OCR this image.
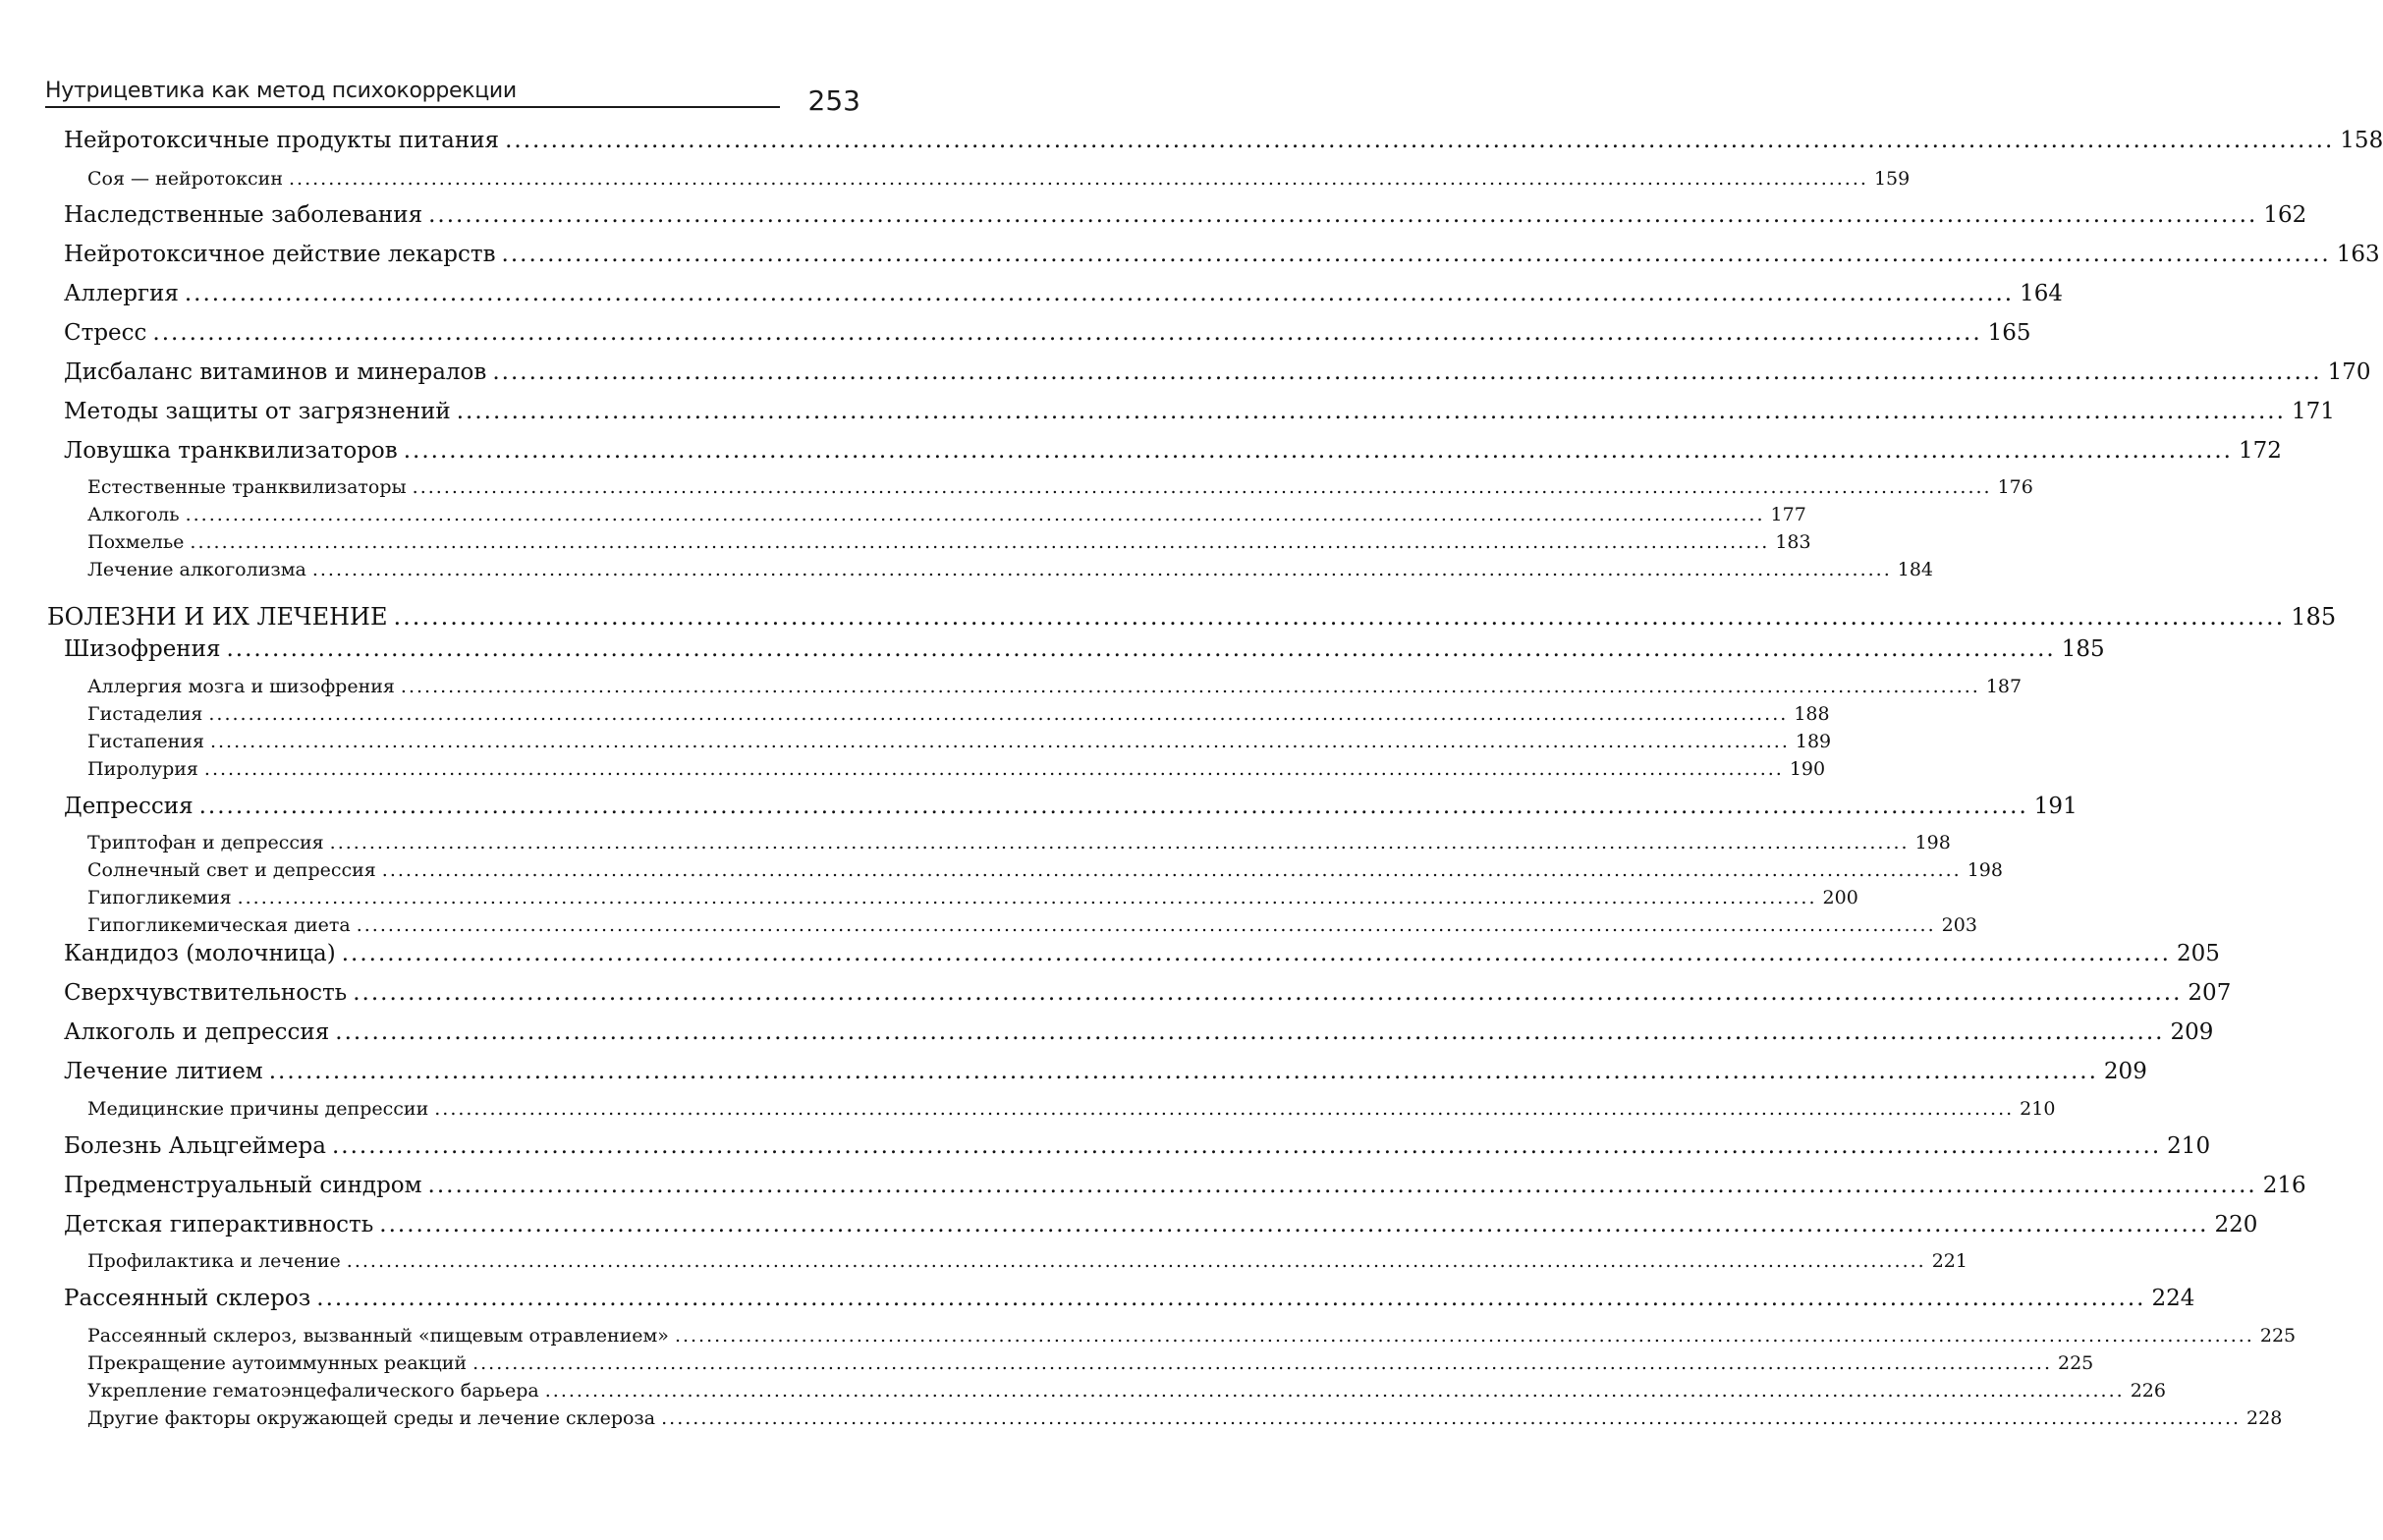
Нутрицевтика как метод психокоррекции	253
Нейротоксичные продукты питания ........................................................................................................................................................................................................ 158
Соя — нейротоксин ........................................................................................................................................................................................................ 159
Наследственные заболевания ........................................................................................................................................................................................................ 162
Нейротоксичное действие лекарств ........................................................................................................................................................................................................ 163
Аллергия ........................................................................................................................................................................................................ 164
Стресс ........................................................................................................................................................................................................ 165
Дисбаланс витаминов и минералов ........................................................................................................................................................................................................ 170
Методы защиты от загрязнений ........................................................................................................................................................................................................ 171
Ловушка транквилизаторов ........................................................................................................................................................................................................ 172
Естественные транквилизаторы ........................................................................................................................................................................................................ 176
Алкоголь ........................................................................................................................................................................................................ 177
Похмелье ........................................................................................................................................................................................................ 183
Лечение алкоголизма ........................................................................................................................................................................................................ 184
БОЛЕЗНИ И ИХ ЛЕЧЕНИЕ ........................................................................................................................................................................................................ 185
Шизофрения ........................................................................................................................................................................................................ 185
Аллергия мозга и шизофрения ........................................................................................................................................................................................................ 187
Гистаделия ........................................................................................................................................................................................................ 188
Гистапения ........................................................................................................................................................................................................ 189
Пиролурия ........................................................................................................................................................................................................ 190
Депрессия ........................................................................................................................................................................................................ 191
Триптофан и депрессия ........................................................................................................................................................................................................ 198
Солнечный свет и депрессия ........................................................................................................................................................................................................ 198
Гипогликемия ........................................................................................................................................................................................................ 200
Гипогликемическая диета ........................................................................................................................................................................................................ 203
Кандидоз (молочница) ........................................................................................................................................................................................................ 205
Сверхчувствительность ........................................................................................................................................................................................................ 207
Алкоголь и депрессия ........................................................................................................................................................................................................ 209
Лечение литием ........................................................................................................................................................................................................ 209
Медицинские причины депрессии ........................................................................................................................................................................................................ 210
Болезнь Альцгеймера ........................................................................................................................................................................................................ 210
Предменструальный синдром ........................................................................................................................................................................................................ 216
Детская гиперактивность ........................................................................................................................................................................................................ 220
Профилактика и лечение ........................................................................................................................................................................................................ 221
Рассеянный склероз ........................................................................................................................................................................................................ 224
Рассеянный склероз, вызванный «пищевым отравлением» ........................................................................................................................................................................................................ 225
Прекращение аутоиммунных реакций ........................................................................................................................................................................................................ 225
Укрепление гематоэнцефалического барьера ........................................................................................................................................................................................................ 226
Другие факторы окружающей среды и лечение склероза ........................................................................................................................................................................................................ 228
